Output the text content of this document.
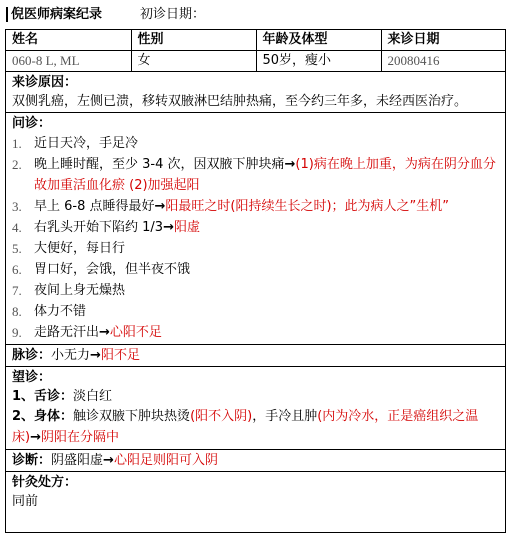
倪医师病案纪录	初诊日期：
姓名	性别	年龄及体型	来诊日期
060-8 L, ML	女	50岁，瘦小	20080416
来诊原因：
双侧乳癌，左侧已溃，移转双腋淋巴结肿热痛，至今约三年多，未经西医治疗。
问诊：
1. 近日天冷，手足冷
2. 晚上睡时醒，至少 3-4 次，因双腋下肿块痛→(1)病在晚上加重，为病在阴分血分故加重活血化瘀 (2)加强起阳
3. 早上 6-8 点睡得最好→阳最旺之时(阳持续生长之时)；此为病人之”生机”
4. 右乳头开始下陷约 1/3→阳虚
5. 大便好，每日行
6. 胃口好，会饿，但半夜不饿
7. 夜间上身无燥热
8. 体力不错
9. 走路无汗出→心阳不足
脉诊：小无力→阳不足
望诊：
1、舌诊：淡白红
2、身体：触诊双腋下肿块热烫(阳不入阴)，手冷且肿(内为冷水，正是癌组织之温床)→阴阳在分隔中
诊断：阴盛阳虚→心阳足则阳可入阴
针灸处方：
同前
